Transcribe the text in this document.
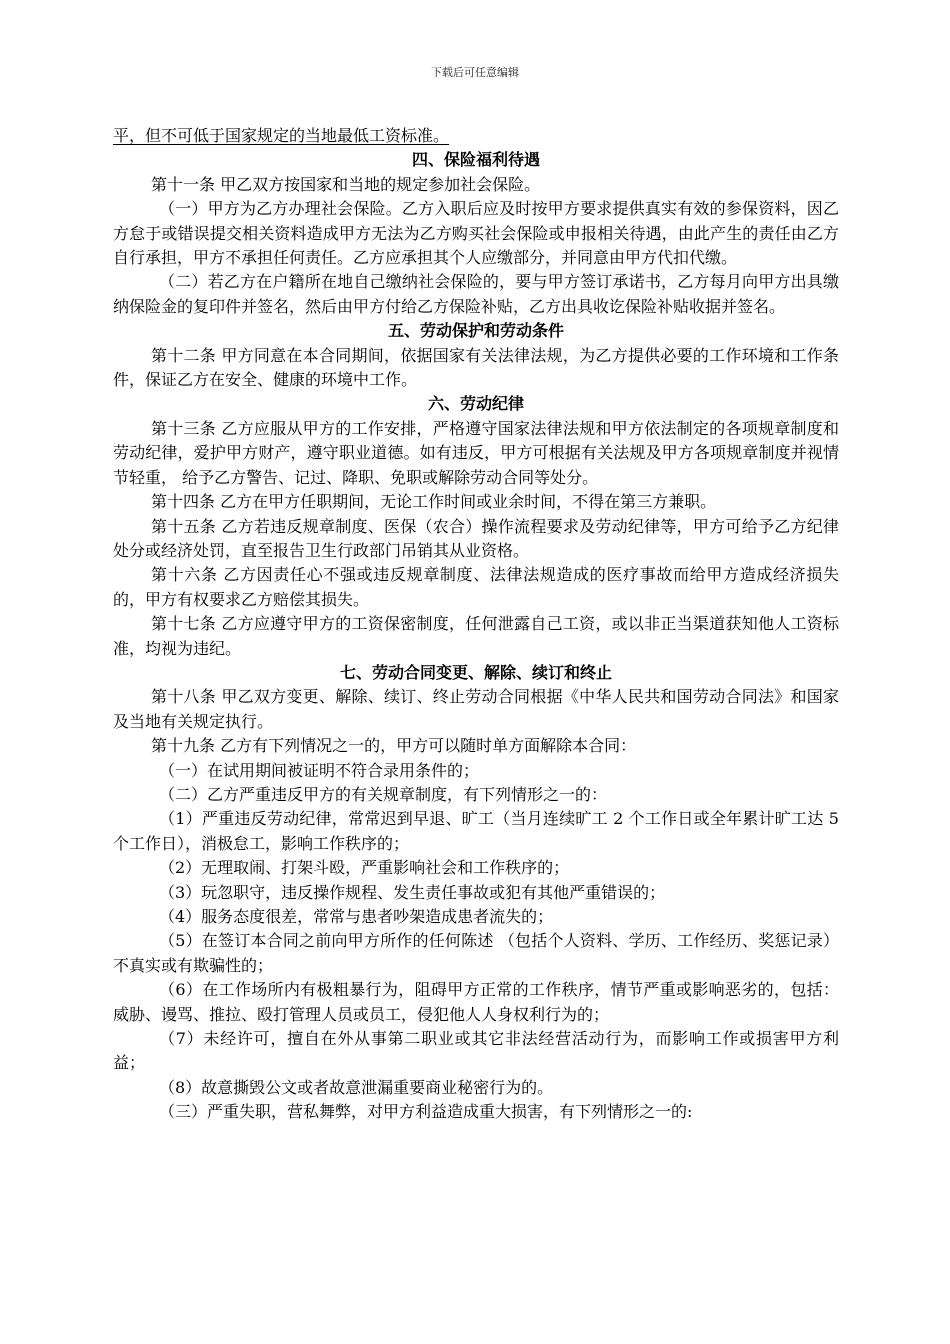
下载后可任意编辑

平，但不可低于国家规定的当地最低工资标准。

四、保险福利待遇

第十一条 甲乙双方按国家和当地的规定参加社会保险。

（一）甲方为乙方办理社会保险。乙方入职后应及时按甲方要求提供真实有效的参保资料，因乙方怠于或错误提交相关资料造成甲方无法为乙方购买社会保险或申报相关待遇，由此产生的责任由乙方自行承担，甲方不承担任何责任。乙方应承担其个人应缴部分，并同意由甲方代扣代缴。

（二）若乙方在户籍所在地自己缴纳社会保险的，要与甲方签订承诺书，乙方每月向甲方出具缴纳保险金的复印件并签名，然后由甲方付给乙方保险补贴，乙方出具收讫保险补贴收据并签名。

五、劳动保护和劳动条件

第十二条 甲方同意在本合同期间，依据国家有关法律法规，为乙方提供必要的工作环境和工作条件，保证乙方在安全、健康的环境中工作。

六、劳动纪律

第十三条 乙方应服从甲方的工作安排，严格遵守国家法律法规和甲方依法制定的各项规章制度和劳动纪律，爱护甲方财产，遵守职业道德。如有违反，甲方可根据有关法规及甲方各项规章制度并视情节轻重， 给予乙方警告、记过、降职、免职或解除劳动合同等处分。

第十四条 乙方在甲方任职期间，无论工作时间或业余时间，不得在第三方兼职。

第十五条 乙方若违反规章制度、医保（农合）操作流程要求及劳动纪律等，甲方可给予乙方纪律处分或经济处罚，直至报告卫生行政部门吊销其从业资格。

第十六条 乙方因责任心不强或违反规章制度、法律法规造成的医疗事故而给甲方造成经济损失的，甲方有权要求乙方赔偿其损失。

第十七条 乙方应遵守甲方的工资保密制度，任何泄露自己工资，或以非正当渠道获知他人工资标准，均视为违纪。

七、劳动合同变更、解除、续订和终止

第十八条 甲乙双方变更、解除、续订、终止劳动合同根据《中华人民共和国劳动合同法》和国家及当地有关规定执行。

第十九条 乙方有下列情况之一的，甲方可以随时单方面解除本合同：

（一）在试用期间被证明不符合录用条件的；

（二）乙方严重违反甲方的有关规章制度，有下列情形之一的：

（1）严重违反劳动纪律，常常迟到早退、旷工（当月连续旷工 2 个工作日或全年累计旷工达 5 个工作日），消极怠工，影响工作秩序的；

（2）无理取闹、打架斗殴，严重影响社会和工作秩序的；

（3）玩忽职守，违反操作规程、发生责任事故或犯有其他严重错误的；

（4）服务态度很差，常常与患者吵架造成患者流失的；

（5）在签订本合同之前向甲方所作的任何陈述 （包括个人资料、学历、工作经历、奖惩记录） 不真实或有欺骗性的；

（6）在工作场所内有极粗暴行为，阻碍甲方正常的工作秩序，情节严重或影响恶劣的，包括：威胁、谩骂、推拉、殴打管理人员或员工，侵犯他人人身权利行为的；

（7）未经许可，擅自在外从事第二职业或其它非法经营活动行为，而影响工作或损害甲方利益；

（8）故意撕毁公文或者故意泄漏重要商业秘密行为的。

（三）严重失职，营私舞弊，对甲方利益造成重大损害，有下列情形之一的:
